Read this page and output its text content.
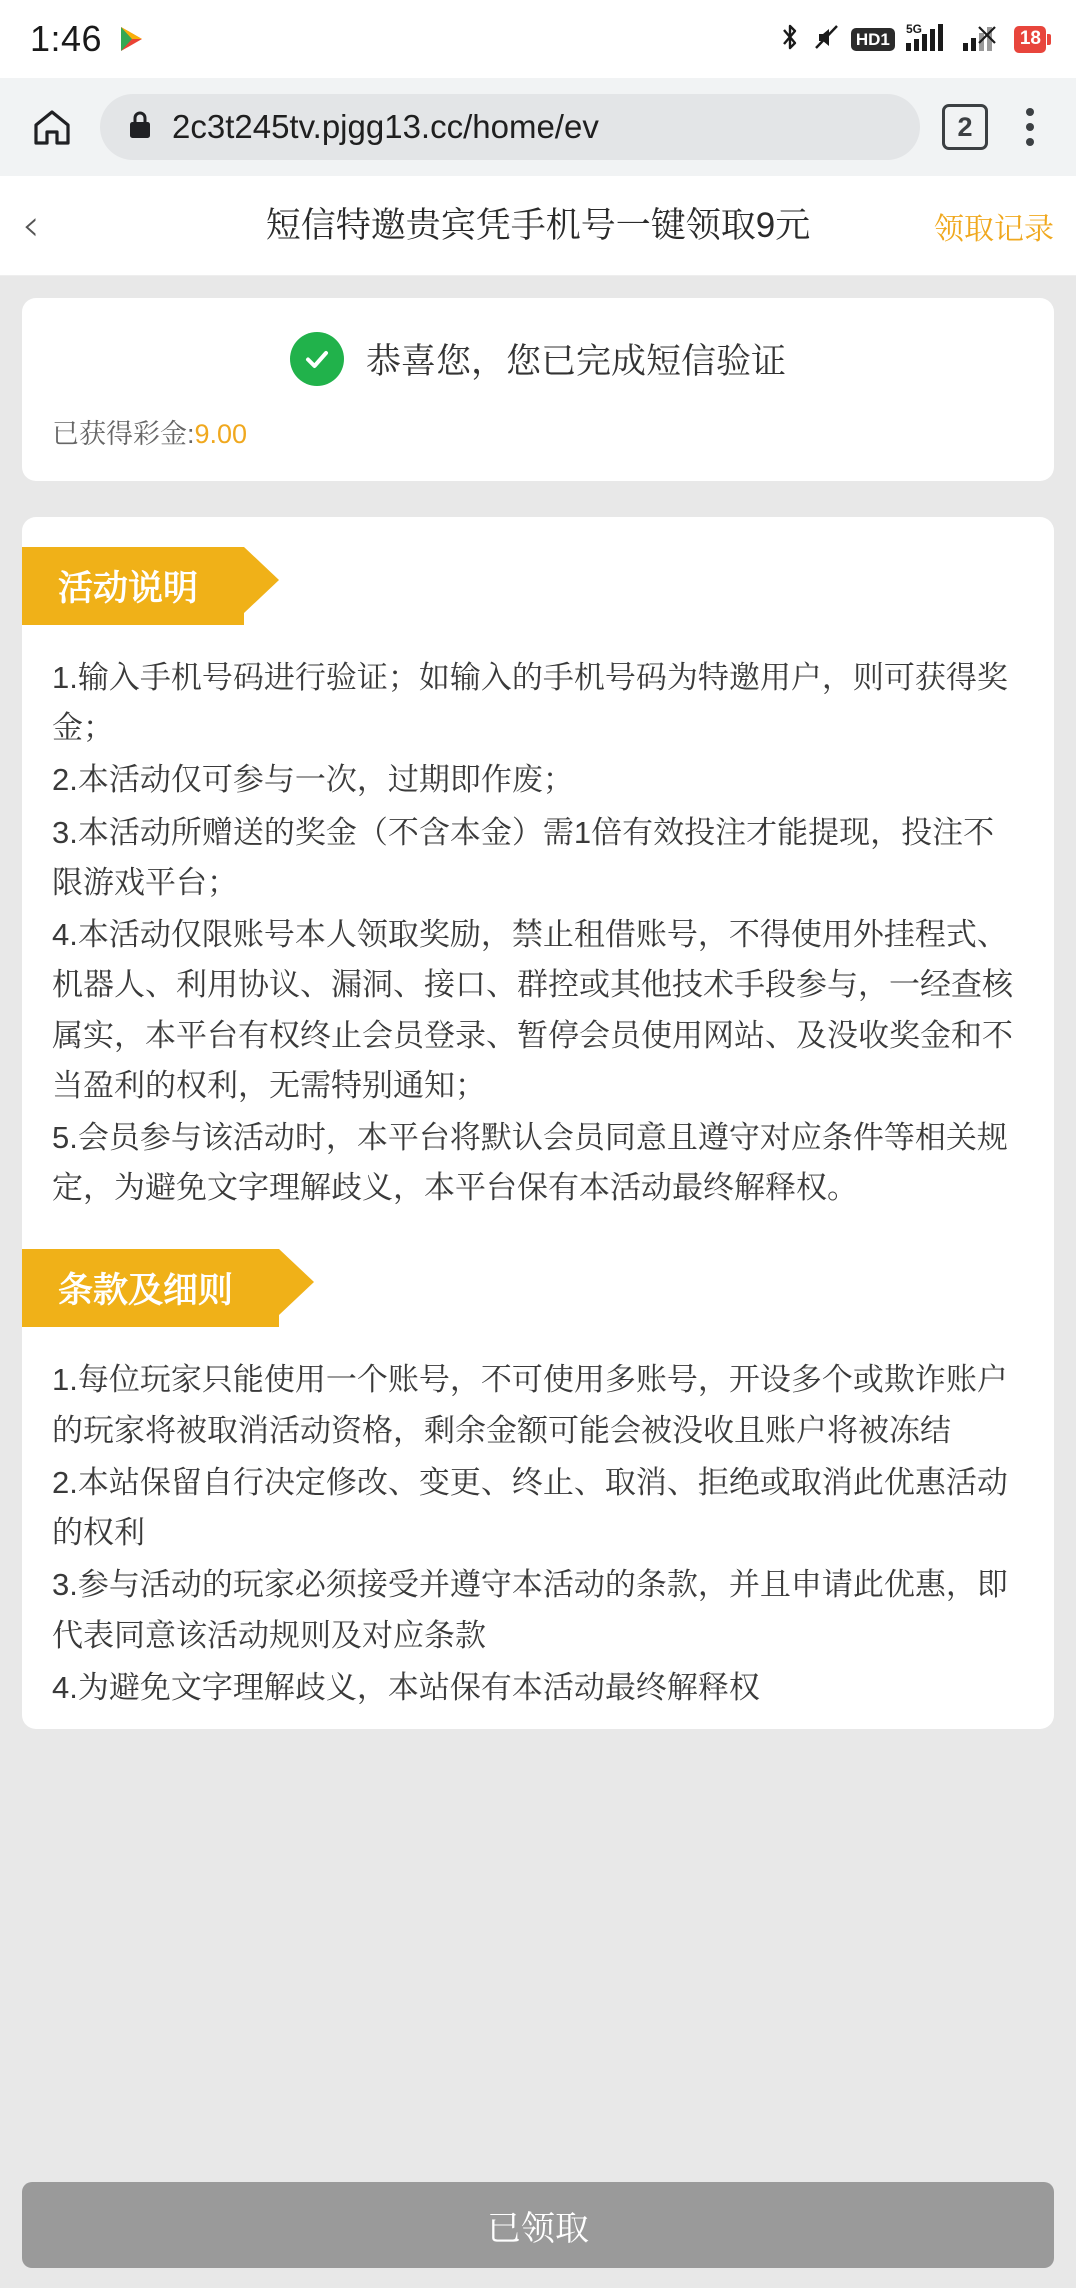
1:46	HD1
5G	18
2c3t245tv.pjgg13.cc/home/ev	2
‹	短信特邀贵宾凭手机号一键领取9元	领取记录
恭喜您，您已完成短信验证
已获得彩金:9.00
活动说明

1.输入手机号码进行验证；如输入的手机号码为特邀用户，则可获得奖金；

2.本活动仅可参与一次，过期即作废；

3.本活动所赠送的奖金（不含本金）需1倍有效投注才能提现，投注不限游戏平台；

4.本活动仅限账号本人领取奖励，禁止租借账号，不得使用外挂程式、机器人、利用协议、漏洞、接口、群控或其他技术手段参与，一经查核属实，本平台有权终止会员登录、暂停会员使用网站、及没收奖金和不当盈利的权利，无需特别通知；

5.会员参与该活动时，本平台将默认会员同意且遵守对应条件等相关规定，为避免文字理解歧义，本平台保有本活动最终解释权。

条款及细则

1.每位玩家只能使用一个账号，不可使用多账号，开设多个或欺诈账户的玩家将被取消活动资格，剩余金额可能会被没收且账户将被冻结

2.本站保留自行决定修改、变更、终止、取消、拒绝或取消此优惠活动的权利

3.参与活动的玩家必须接受并遵守本活动的条款，并且申请此优惠，即代表同意该活动规则及对应条款

4.为避免文字理解歧义，本站保有本活动最终解释权

已领取
